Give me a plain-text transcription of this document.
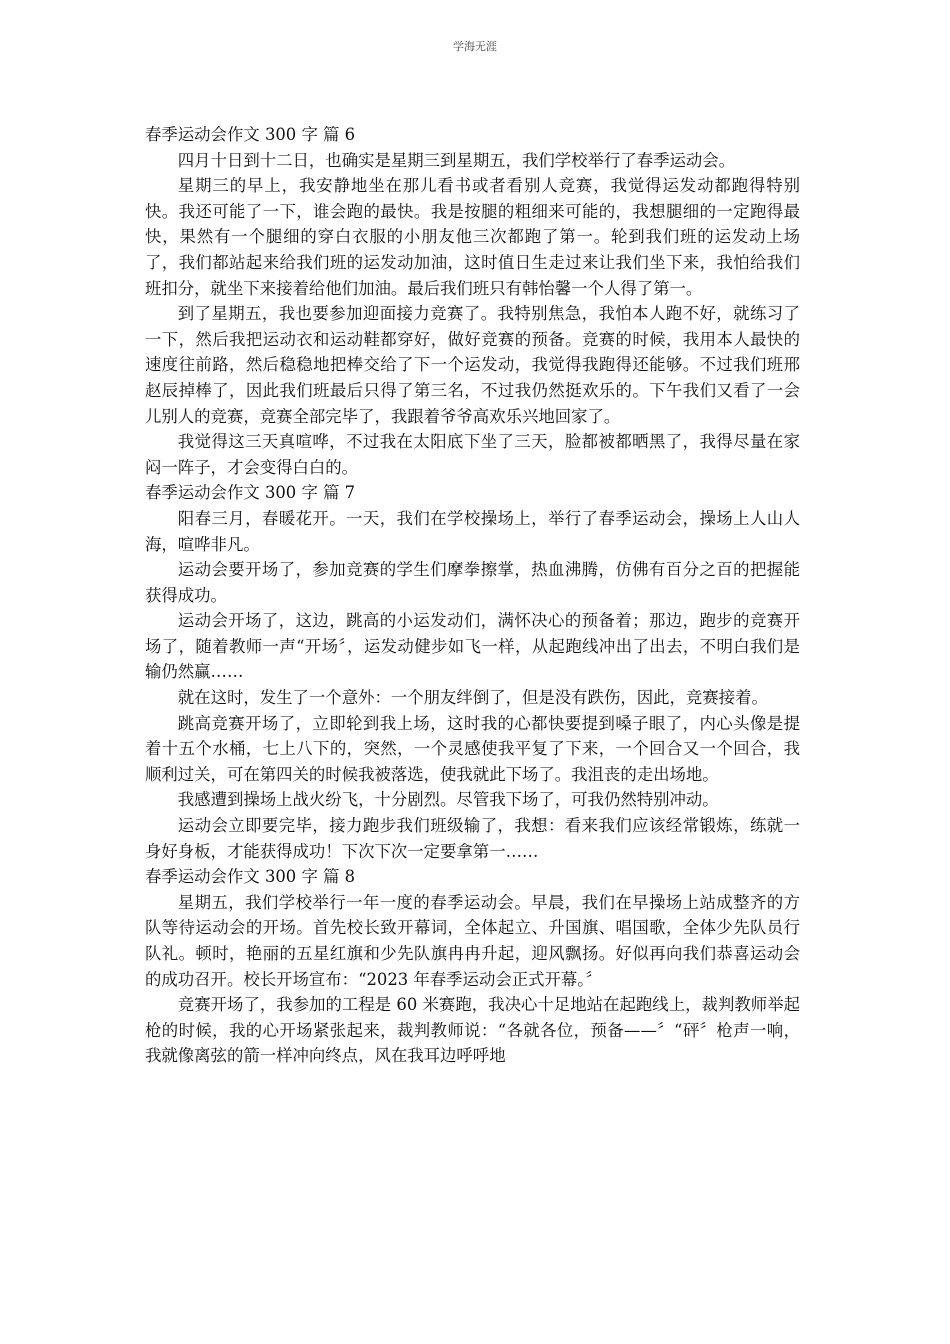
学海无涯

春季运动会作文 300 字 篇 6

四月十日到十二日，也确实是星期三到星期五，我们学校举行了春季运动会。

星期三的早上，我安静地坐在那儿看书或者看别人竞赛，我觉得运发动都跑得特别快。我还可能了一下，谁会跑的最快。我是按腿的粗细来可能的，我想腿细的一定跑得最快，果然有一个腿细的穿白衣服的小朋友他三次都跑了第一。轮到我们班的运发动上场了，我们都站起来给我们班的运发动加油，这时值日生走过来让我们坐下来，我怕给我们班扣分，就坐下来接着给他们加油。最后我们班只有韩怡馨一个人得了第一。

到了星期五，我也要参加迎面接力竞赛了。我特别焦急，我怕本人跑不好，就练习了一下，然后我把运动衣和运动鞋都穿好，做好竞赛的预备。竞赛的时候，我用本人最快的速度往前路，然后稳稳地把棒交给了下一个运发动，我觉得我跑得还能够。不过我们班邢赵辰掉棒了，因此我们班最后只得了第三名，不过我仍然挺欢乐的。下午我们又看了一会儿别人的竞赛，竞赛全部完毕了，我跟着爷爷高欢乐兴地回家了。

我觉得这三天真喧哗，不过我在太阳底下坐了三天，脸都被都晒黑了，我得尽量在家闷一阵子，才会变得白白的。

春季运动会作文 300 字 篇 7

阳春三月，春暖花开。一天，我们在学校操场上，举行了春季运动会，操场上人山人海，喧哗非凡。

运动会要开场了，参加竞赛的学生们摩拳擦掌，热血沸腾，仿佛有百分之百的把握能获得成功。

运动会开场了，这边，跳高的小运发动们，满怀决心的预备着；那边，跑步的竞赛开场了，随着教师一声“开场〞，运发动健步如飞一样，从起跑线冲出了出去，不明白我们是输仍然赢……

就在这时，发生了一个意外：一个朋友绊倒了，但是没有跌伤，因此，竞赛接着。

跳高竞赛开场了，立即轮到我上场，这时我的心都快要提到嗓子眼了，内心头像是提着十五个水桶，七上八下的，突然，一个灵感使我平复了下来，一个回合又一个回合，我顺利过关，可在第四关的时候我被落选，使我就此下场了。我沮丧的走出场地。

我感遭到操场上战火纷飞，十分剧烈。尽管我下场了，可我仍然特别冲动。

运动会立即要完毕，接力跑步我们班级输了，我想：看来我们应该经常锻炼，练就一身好身板，才能获得成功！下次下次一定要拿第一……

春季运动会作文 300 字 篇 8

星期五，我们学校举行一年一度的春季运动会。早晨，我们在早操场上站成整齐的方队等待运动会的开场。首先校长致开幕词，全体起立、升国旗、唱国歌，全体少先队员行队礼。顿时，艳丽的五星红旗和少先队旗冉冉升起，迎风飘扬。好似再向我们恭喜运动会的成功召开。校长开场宣布：“2023 年春季运动会正式开幕。〞

竞赛开场了，我参加的工程是 60 米赛跑，我决心十足地站在起跑线上，裁判教师举起枪的时候，我的心开场紧张起来，裁判教师说：“各就各位，预备——〞“砰〞枪声一响，我就像离弦的箭一样冲向终点，风在我耳边呼呼地
